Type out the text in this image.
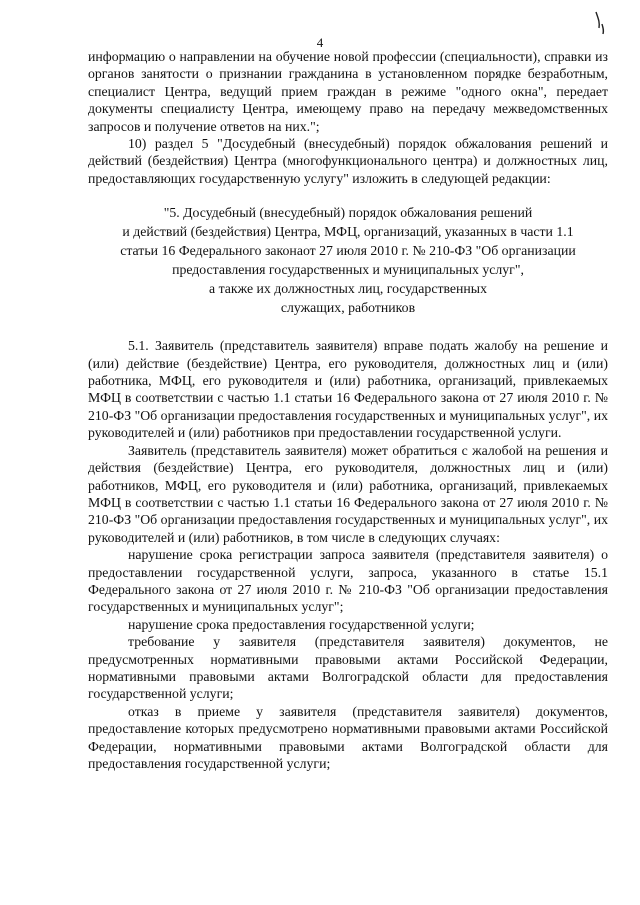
4

информацию о направлении на обучение новой профессии (специальности), справки из органов занятости о признании гражданина в установленном порядке безработным, специалист Центра, ведущий прием граждан в режиме "одного окна", передает документы специалисту Центра, имеющему право на передачу межведомственных запросов и получение ответов на них.";

10) раздел 5 "Досудебный (внесудебный) порядок обжалования решений и действий (бездействия) Центра (многофункционального центра) и должностных лиц, предоставляющих государственную услугу" изложить в следующей редакции:

"5. Досудебный (внесудебный) порядок обжалования решений
и действий (бездействия) Центра, МФЦ, организаций, указанных в части 1.1
статьи 16 Федерального законаот 27 июля 2010 г. № 210-ФЗ "Об организации
предоставления государственных и муниципальных услуг",
а также их должностных лиц, государственных
служащих, работников

5.1. Заявитель (представитель заявителя) вправе подать жалобу на решение и (или) действие (бездействие) Центра, его руководителя, должностных лиц и (или) работника, МФЦ, его руководителя и (или) работника, организаций, привлекаемых МФЦ в соответствии с частью 1.1 статьи 16 Федерального закона от 27 июля 2010 г. № 210-ФЗ "Об организации предоставления государственных и муниципальных услуг", их руководителей и (или) работников при предоставлении государственной услуги.

Заявитель (представитель заявителя) может обратиться с жалобой на решения и действия (бездействие) Центра, его руководителя, должностных лиц и (или) работников, МФЦ, его руководителя и (или) работника, организаций, привлекаемых МФЦ в соответствии с частью 1.1 статьи 16 Федерального закона от 27 июля 2010 г. № 210-ФЗ "Об организации предоставления государственных и муниципальных услуг", их руководителей и (или) работников, в том числе в следующих случаях:

нарушение срока регистрации запроса заявителя (представителя заявителя) о предоставлении государственной услуги, запроса, указанного в статье 15.1 Федерального закона от 27 июля 2010 г. № 210-ФЗ "Об организации предоставления государственных и муниципальных услуг";

нарушение срока предоставления государственной услуги;

требование у заявителя (представителя заявителя) документов, не предусмотренных нормативными правовыми актами Российской Федерации, нормативными правовыми актами Волгоградской области для предоставления государственной услуги;

отказ в приеме у заявителя (представителя заявителя) документов, предоставление которых предусмотрено нормативными правовыми актами Российской Федерации, нормативными правовыми актами Волгоградской области для предоставления государственной услуги;
